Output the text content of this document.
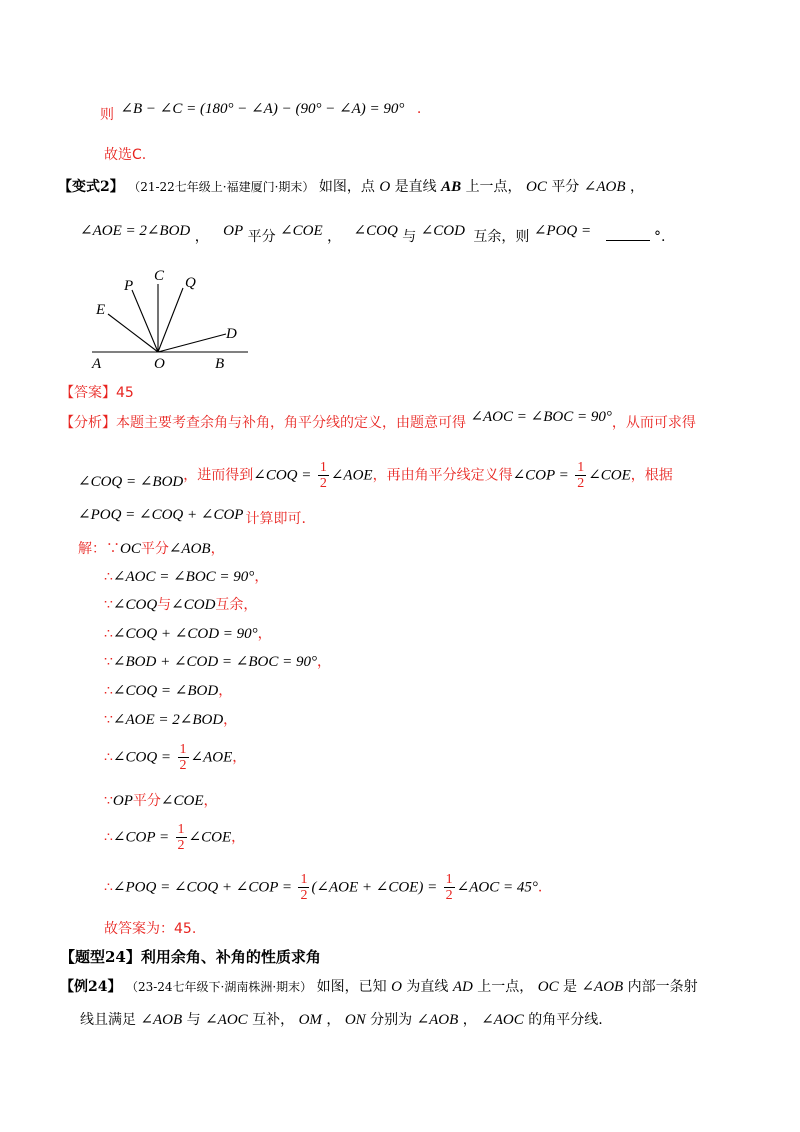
则 ∠B − ∠C = (180° − ∠A) − (90° − ∠A) = 90° .
故选C.
【变式2】 （21-22七年级上·福建厦门·期末） 如图，点 O 是直线 AB 上一点， OC 平分 ∠AOB ，
∠AOE = 2∠BOD ， OP 平分 ∠COE ， ∠COQ 与 ∠COD 互余，则 ∠POQ =	°.
C
P	Q
E
D
A	O	B
【答案】45
【分析】本题主要考查余角与补角，角平分线的定义，由题意可得 ∠AOC = ∠BOC = 90°，从而可求得
∠COQ = ∠BOD，进而得到∠COQ = $\frac{1}{2}$ ∠AOE，再由角平分线定义得∠COP = $\frac{1}{2}$ ∠COE，根据
∠POQ = ∠COQ + ∠COP 计算即可.
解：∵OC平分∠AOB，
∴∠AOC = ∠BOC = 90°，
∵∠COQ与∠COD互余，
∴∠COQ + ∠COD = 90°，
∵∠BOD + ∠COD = ∠BOC = 90°，
∴∠COQ = ∠BOD，
∵∠AOE = 2∠BOD，
∴∠COQ = $\frac{1}{2}$ ∠AOE，
∵OP平分∠COE，
∴∠COP = $\frac{1}{2}$ ∠COE，
∴∠POQ = ∠COQ + ∠COP = $\frac{1}{2}$ (∠AOE + ∠COE) = $\frac{1}{2}$ ∠AOC = 45°.
故答案为：45.
【题型24】利用余角、补角的性质求角
【例24】 （23-24七年级下·湖南株洲·期末） 如图，已知 O 为直线 AD 上一点， OC 是 ∠AOB 内部一条射
线且满足 ∠AOB 与 ∠AOC 互补， OM ， ON 分别为 ∠AOB ， ∠AOC 的角平分线.
